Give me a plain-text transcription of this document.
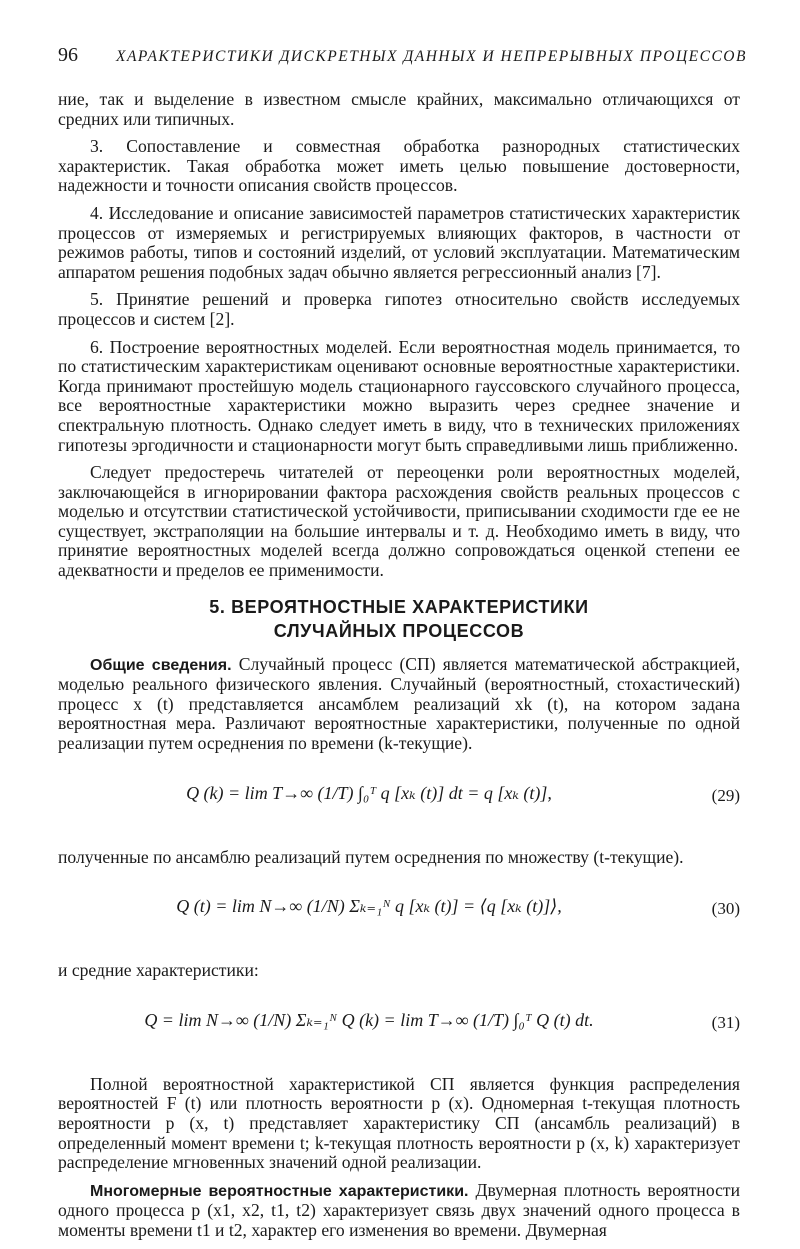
96 ХАРАКТЕРИСТИКИ ДИСКРЕТНЫХ ДАННЫХ И НЕПРЕРЫВНЫХ ПРОЦЕССОВ

ние, так и выделение в известном смысле крайних, максимально отличающихся от средних или типичных.

3. Сопоставление и совместная обработка разнородных статистических характеристик. Такая обработка может иметь целью повышение достоверности, надежности и точности описания свойств процессов.

4. Исследование и описание зависимостей параметров статистических характеристик процессов от измеряемых и регистрируемых влияющих факторов, в частности от режимов работы, типов и состояний изделий, от условий эксплуатации. Математическим аппаратом решения подобных задач обычно является регрессионный анализ [7].

5. Принятие решений и проверка гипотез относительно свойств исследуемых процессов и систем [2].

6. Построение вероятностных моделей. Если вероятностная модель принимается, то по статистическим характеристикам оценивают основные вероятностные характеристики. Когда принимают простейшую модель стационарного гауссовского случайного процесса, все вероятностные характеристики можно выразить через среднее значение и спектральную плотность. Однако следует иметь в виду, что в технических приложениях гипотезы эргодичности и стационарности могут быть справедливыми лишь приближенно.

Следует предостеречь читателей от переоценки роли вероятностных моделей, заключающейся в игнорировании фактора расхождения свойств реальных процессов с моделью и отсутствии статистической устойчивости, приписывании сходимости где ее не существует, экстраполяции на большие интервалы и т. д. Необходимо иметь в виду, что принятие вероятностных моделей всегда должно сопровождаться оценкой степени ее адекватности и пределов ее применимости.

5. ВЕРОЯТНОСТНЫЕ ХАРАКТЕРИСТИКИ
СЛУЧАЙНЫХ ПРОЦЕССОВ

Общие сведения. Случайный процесс (СП) является математической абстракцией, моделью реального физического явления. Случайный (вероятностный, стохастический) процесс x (t) представляется ансамблем реализаций xk (t), на котором задана вероятностная мера. Различают вероятностные характеристики, полученные по одной реализации путем осреднения по времени (k-текущие).

Q (k) = lim T→∞ (1/T) ∫₀ᵀ q [xₖ (t)] dt = q [xₖ (t)],	(29)

полученные по ансамблю реализаций путем осреднения по множеству (t-текущие).

Q (t) = lim N→∞ (1/N) Σₖ₌₁ᴺ q [xₖ (t)] = ⟨q [xₖ (t)]⟩,	(30)

и средние характеристики:

Q = lim N→∞ (1/N) Σₖ₌₁ᴺ Q (k) = lim T→∞ (1/T) ∫₀ᵀ Q (t) dt.	(31)

Полной вероятностной характеристикой СП является функция распределения вероятностей F (t) или плотность вероятности p (x). Одномерная t-текущая плотность вероятности p (x, t) представляет характеристику СП (ансамбль реализаций) в определенный момент времени t; k-текущая плотность вероятности p (x, k) характеризует распределение мгновенных значений одной реализации.

Многомерные вероятностные характеристики. Двумерная плотность вероятности одного процесса p (x1, x2, t1, t2) характеризует связь двух значений одного процесса в моменты времени t1 и t2, характер его изменения во времени. Двумерная
